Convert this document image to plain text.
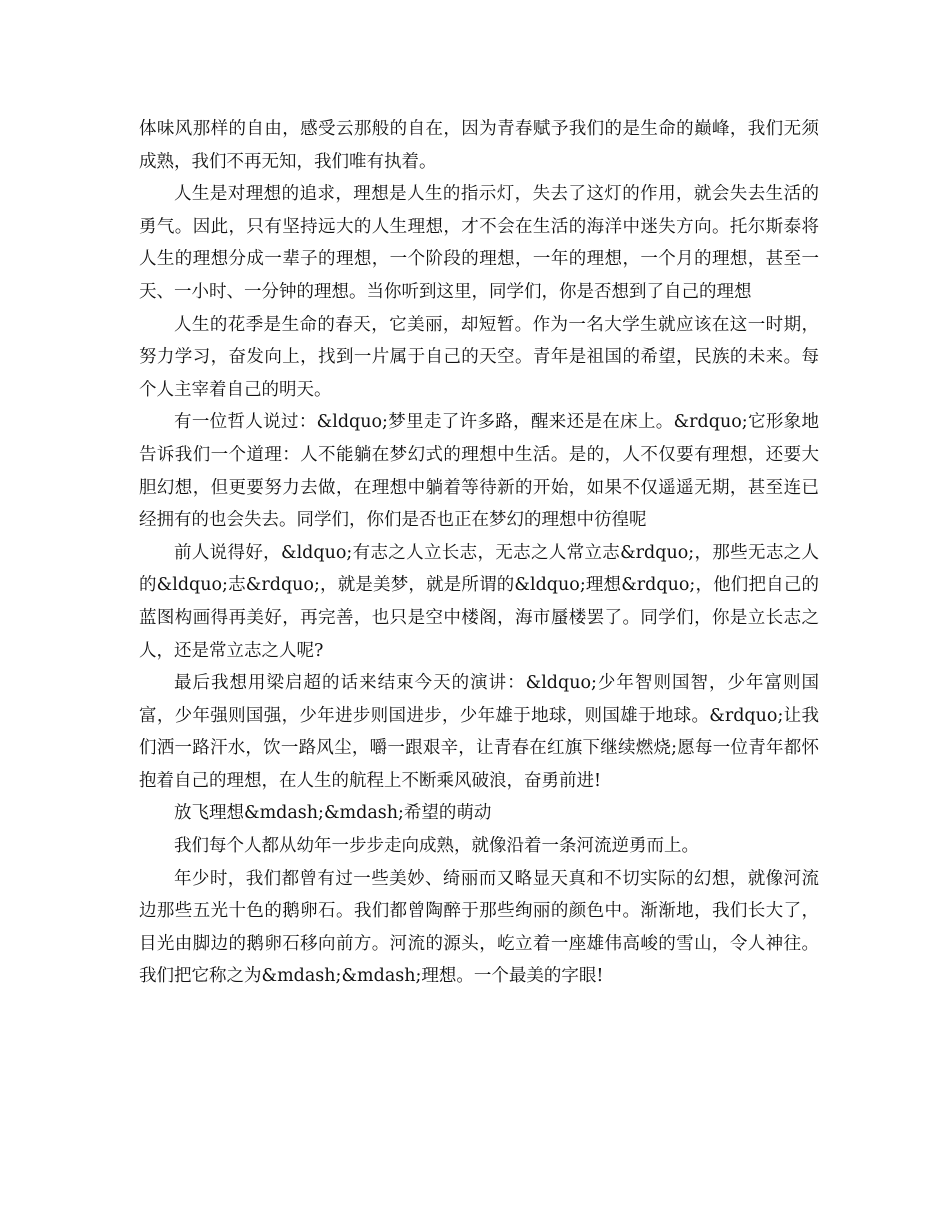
体味风那样的自由，感受云那般的自在，因为青春赋予我们的是生命的巅峰，我们无须成熟，我们不再无知，我们唯有执着。

人生是对理想的追求，理想是人生的指示灯，失去了这灯的作用，就会失去生活的勇气。因此，只有坚持远大的人生理想，才不会在生活的海洋中迷失方向。托尔斯泰将人生的理想分成一辈子的理想，一个阶段的理想，一年的理想，一个月的理想，甚至一天、一小时、一分钟的理想。当你听到这里，同学们，你是否想到了自己的理想

人生的花季是生命的春天，它美丽，却短暂。作为一名大学生就应该在这一时期，努力学习，奋发向上，找到一片属于自己的天空。青年是祖国的希望，民族的未来。每个人主宰着自己的明天。

有一位哲人说过：&ldquo;梦里走了许多路，醒来还是在床上。&rdquo;它形象地告诉我们一个道理：人不能躺在梦幻式的理想中生活。是的，人不仅要有理想，还要大胆幻想，但更要努力去做，在理想中躺着等待新的开始，如果不仅遥遥无期，甚至连已经拥有的也会失去。同学们，你们是否也正在梦幻的理想中彷徨呢

前人说得好，&ldquo;有志之人立长志，无志之人常立志&rdquo;，那些无志之人的&ldquo;志&rdquo;，就是美梦，就是所谓的&ldquo;理想&rdquo;，他们把自己的蓝图构画得再美好，再完善，也只是空中楼阁，海市蜃楼罢了。同学们，你是立长志之人，还是常立志之人呢?

最后我想用梁启超的话来结束今天的演讲：&ldquo;少年智则国智，少年富则国富，少年强则国强，少年进步则国进步，少年雄于地球，则国雄于地球。&rdquo;让我们洒一路汗水，饮一路风尘，嚼一跟艰辛，让青春在红旗下继续燃烧;愿每一位青年都怀抱着自己的理想，在人生的航程上不断乘风破浪，奋勇前进!

放飞理想&mdash;&mdash;希望的萌动

我们每个人都从幼年一步步走向成熟，就像沿着一条河流逆勇而上。

年少时，我们都曾有过一些美妙、绮丽而又略显天真和不切实际的幻想，就像河流边那些五光十色的鹅卵石。我们都曾陶醉于那些绚丽的颜色中。渐渐地，我们长大了，目光由脚边的鹅卵石移向前方。河流的源头，屹立着一座雄伟高峻的雪山，令人神往。我们把它称之为&mdash;&mdash;理想。一个最美的字眼!
